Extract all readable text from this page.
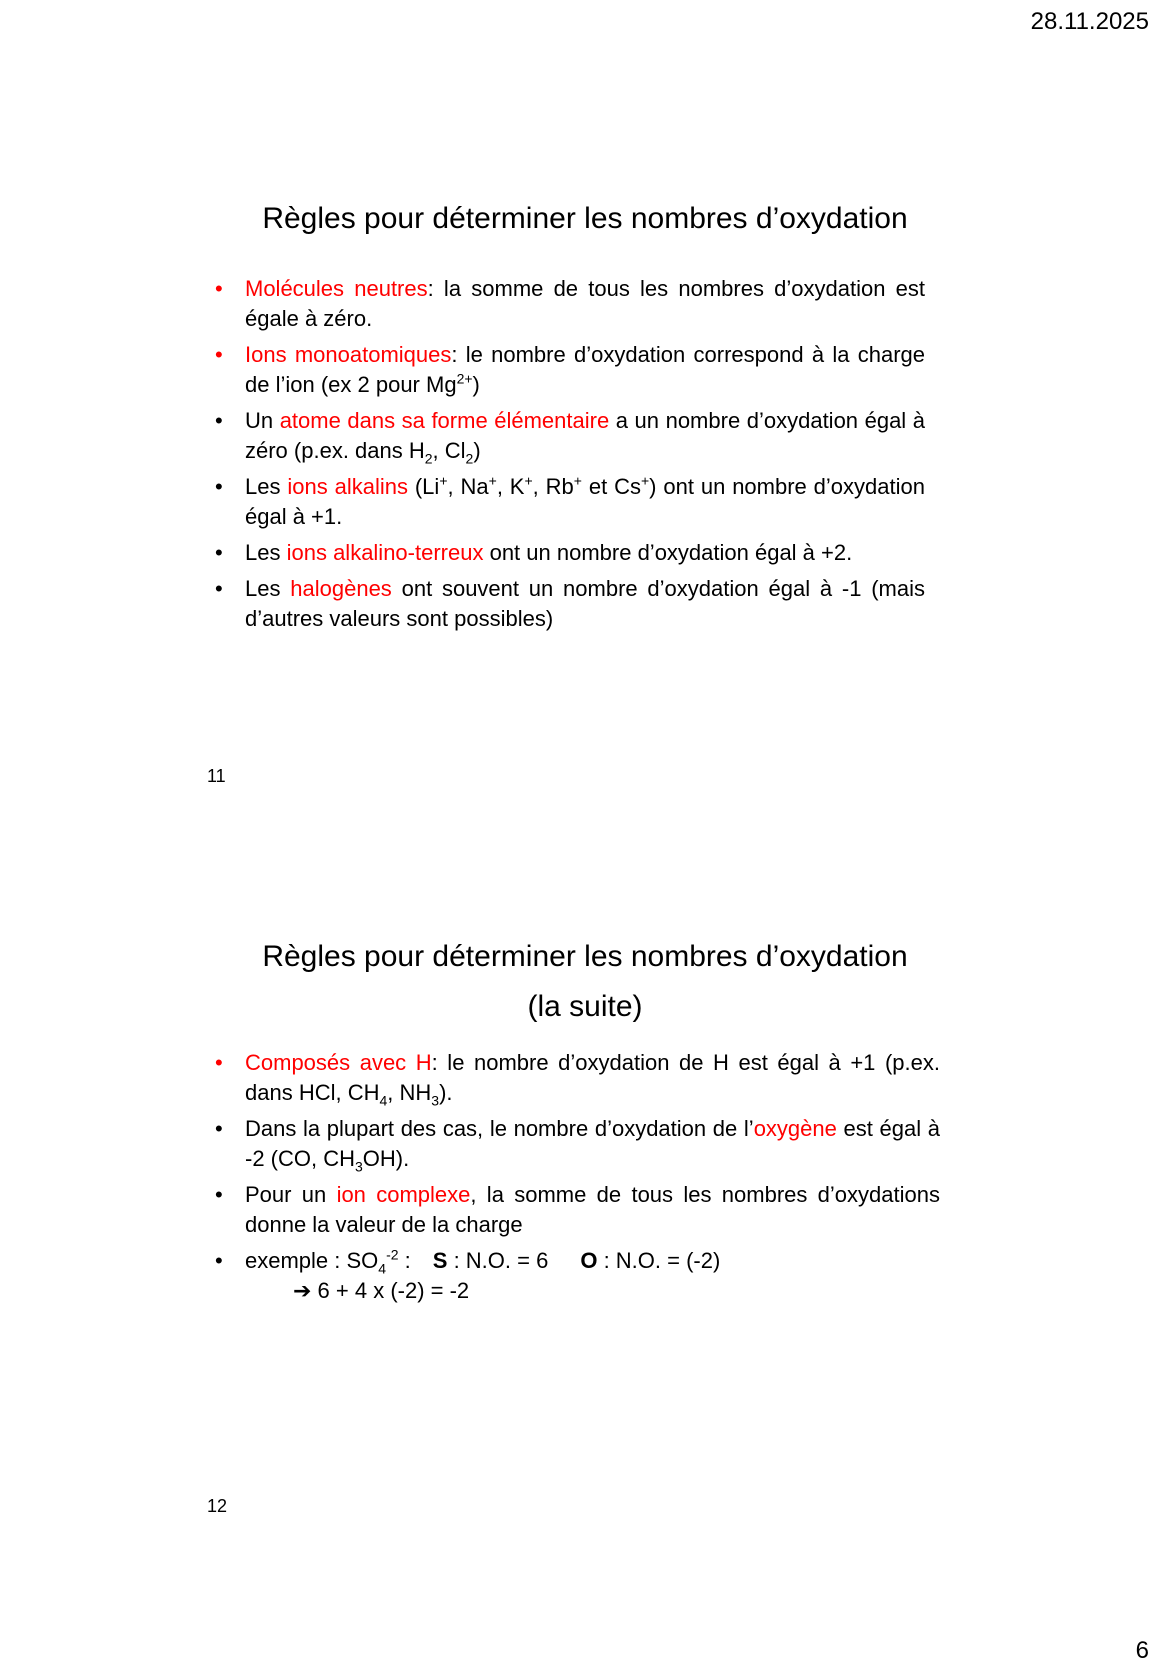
28.11.2025
Règles pour déterminer les nombres d’oxydation
• Molécules neutres: la somme de tous les nombres d’oxydation est égale à zéro.
• Ions monoatomiques: le nombre d’oxydation correspond à la charge de l’ion (ex 2 pour $Mg^{2+}$)
• Un atome dans sa forme élémentaire a un nombre d’oxydation égal à zéro (p.ex. dans $H_2$, $Cl_2$)
• Les ions alkalins (Li+, Na+, K+, Rb+ et Cs+) ont un nombre d’oxydation égal à +1.
• Les ions alkalino-terreux ont un nombre d’oxydation égal à +2.
• Les halogènes ont souvent un nombre d’oxydation égal à -1 (mais d’autres valeurs sont possibles)
11
Règles pour déterminer les nombres d’oxydation
(la suite)
• Composés avec H: le nombre d’oxydation de H est égal à +1 (p.ex. dans HCl, $CH_4$, $NH_3$).
• Dans la plupart des cas, le nombre d’oxydation de l’oxygène est égal à -2 (CO, $CH_3OH$).
• Pour un ion complexe, la somme de tous les nombres d’oxydations donne la valeur de la charge
• exemple : $SO_4^{-2}$ : S : N.O. = 6 O : N.O. = (-2)
➔ 6 + 4 x (-2) = -2
12
6
